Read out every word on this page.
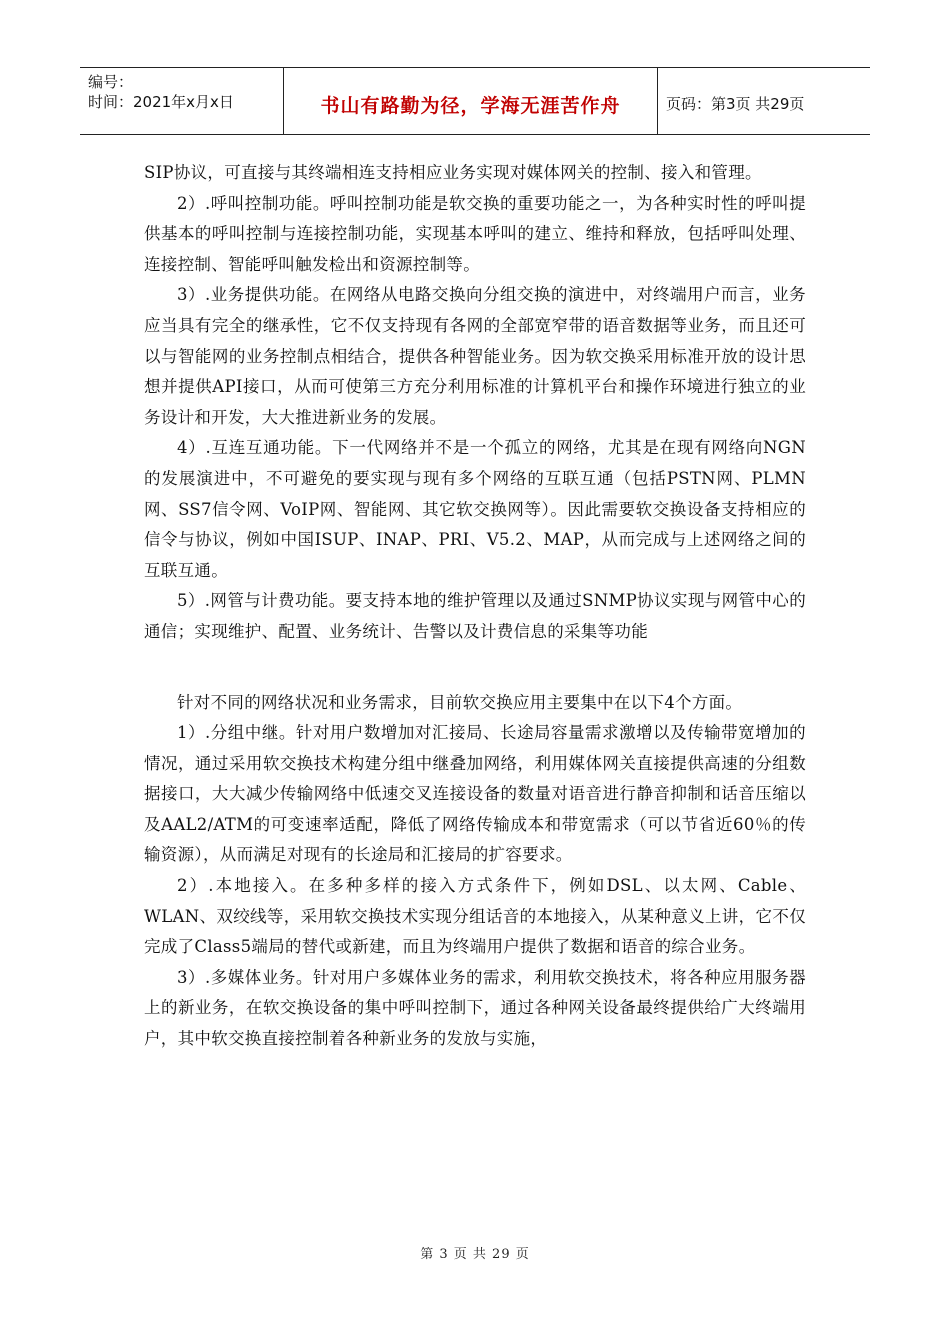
编号：
时间：2021年x月x日	书山有路勤为径，学海无涯苦作舟	页码：第3页 共29页

SIP协议，可直接与其终端相连支持相应业务实现对媒体网关的控制、接入和管理。

2）.呼叫控制功能。呼叫控制功能是软交换的重要功能之一，为各种实时性的呼叫提供基本的呼叫控制与连接控制功能，实现基本呼叫的建立、维持和释放，包括呼叫处理、连接控制、智能呼叫触发检出和资源控制等。

3）.业务提供功能。在网络从电路交换向分组交换的演进中，对终端用户而言，业务应当具有完全的继承性，它不仅支持现有各网的全部宽窄带的语音数据等业务，而且还可以与智能网的业务控制点相结合，提供各种智能业务。因为软交换采用标准开放的设计思想并提供API接口，从而可使第三方充分利用标准的计算机平台和操作环境进行独立的业务设计和开发，大大推进新业务的发展。

4）.互连互通功能。下一代网络并不是一个孤立的网络，尤其是在现有网络向NGN的发展演进中，不可避免的要实现与现有多个网络的互联互通（包括PSTN网、PLMN网、SS7信令网、VoIP网、智能网、其它软交换网等）。因此需要软交换设备支持相应的信令与协议，例如中国ISUP、INAP、PRI、V5.2、MAP，从而完成与上述网络之间的互联互通。

5）.网管与计费功能。要支持本地的维护管理以及通过SNMP协议实现与网管中心的通信；实现维护、配置、业务统计、告警以及计费信息的采集等功能

针对不同的网络状况和业务需求，目前软交换应用主要集中在以下4个方面。

1）.分组中继。针对用户数增加对汇接局、长途局容量需求激增以及传输带宽增加的情况，通过采用软交换技术构建分组中继叠加网络，利用媒体网关直接提供高速的分组数据接口，大大减少传输网络中低速交叉连接设备的数量对语音进行静音抑制和话音压缩以及AAL2/ATM的可变速率适配，降低了网络传输成本和带宽需求（可以节省近60％的传输资源），从而满足对现有的长途局和汇接局的扩容要求。

2）.本地接入。在多种多样的接入方式条件下，例如DSL、以太网、Cable、WLAN、双绞线等，采用软交换技术实现分组话音的本地接入，从某种意义上讲，它不仅完成了Class5端局的替代或新建，而且为终端用户提供了数据和语音的综合业务。

3）.多媒体业务。针对用户多媒体业务的需求，利用软交换技术，将各种应用服务器上的新业务，在软交换设备的集中呼叫控制下，通过各种网关设备最终提供给广大终端用户，其中软交换直接控制着各种新业务的发放与实施，

第 3 页 共 29 页
